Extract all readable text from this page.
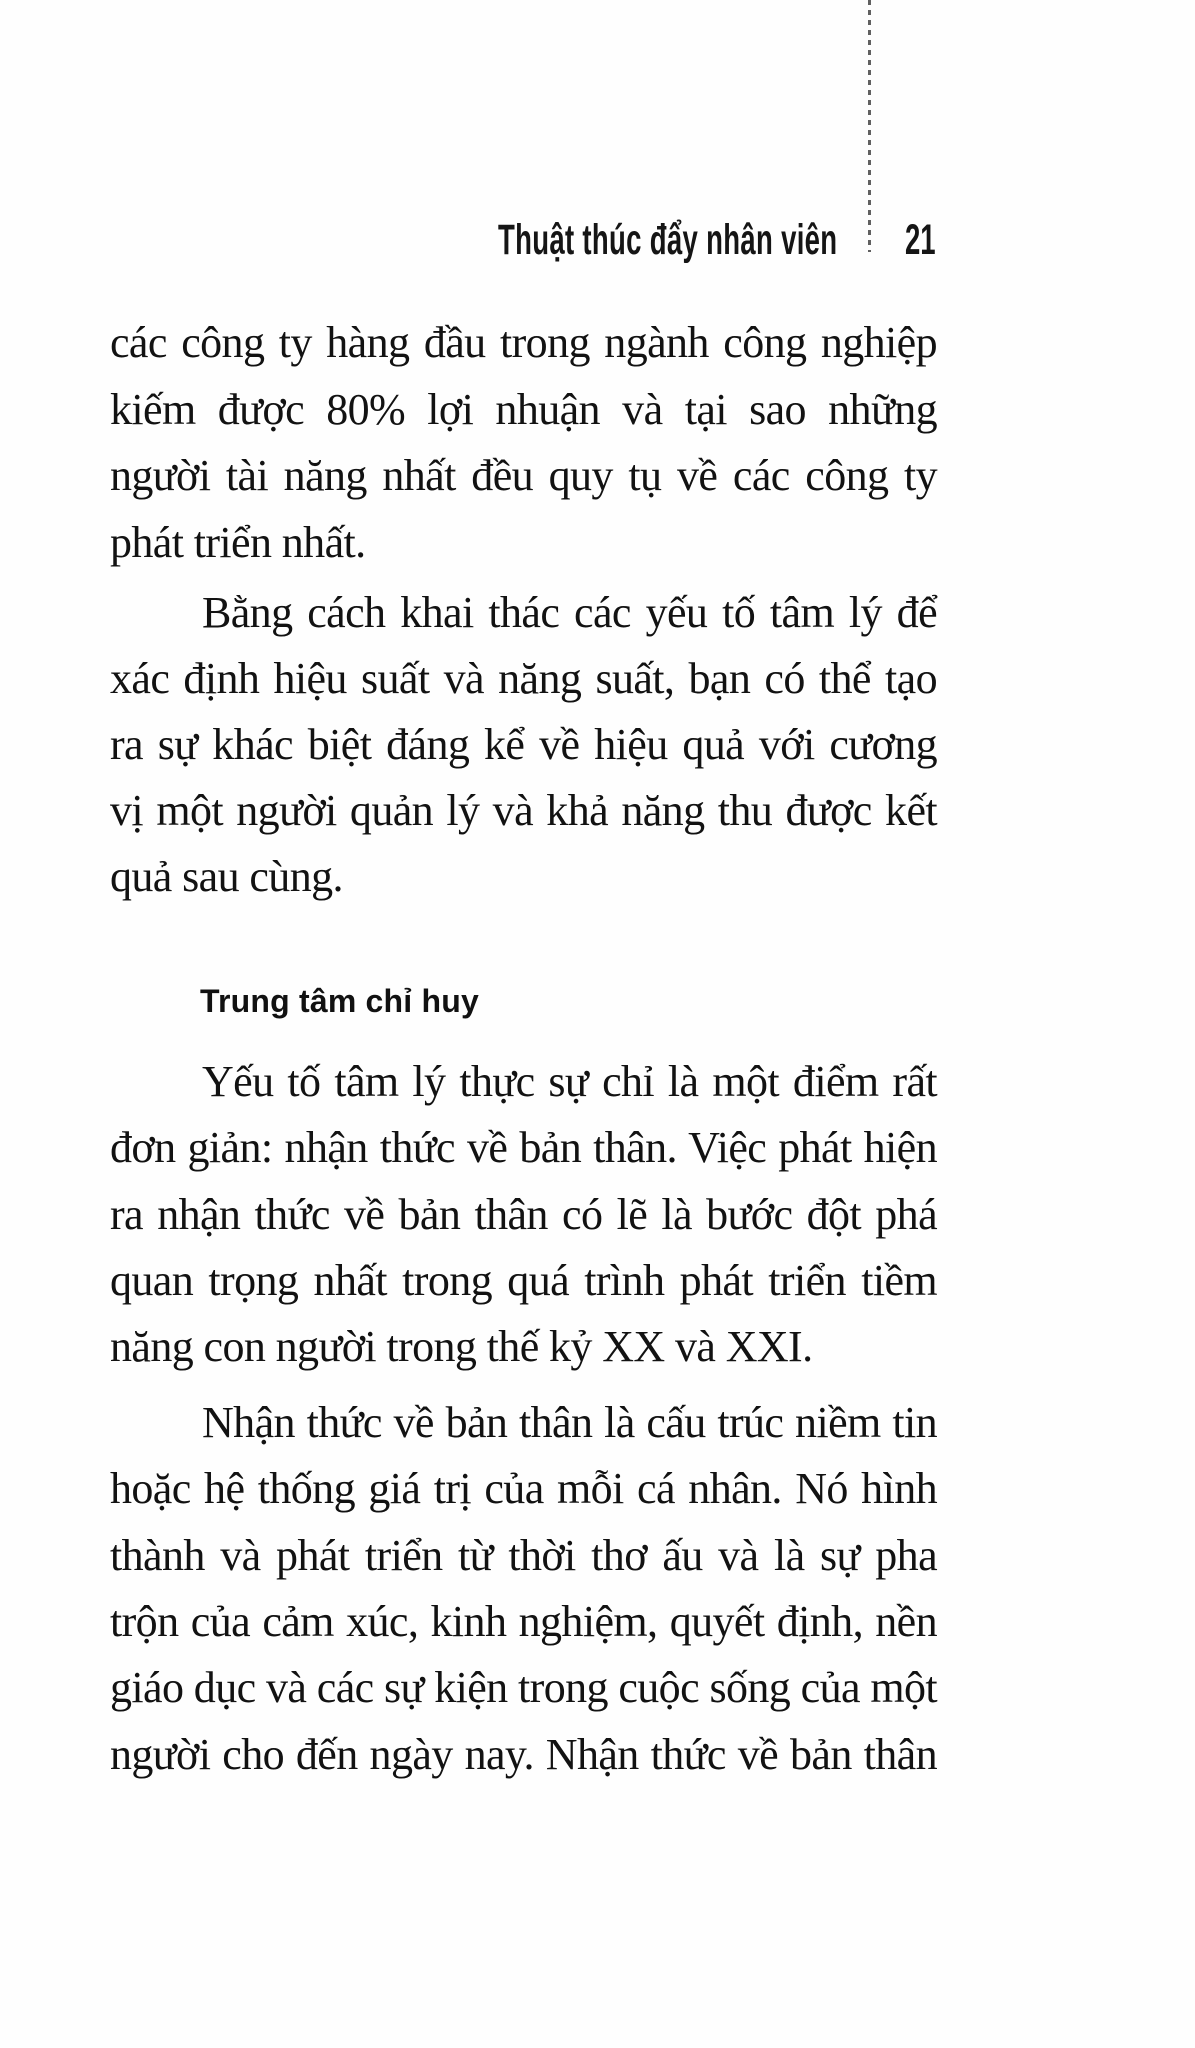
Thuật thúc đẩy nhân viên 21
các công ty hàng đầu trong ngành công nghiệp
kiếm được 80% lợi nhuận và tại sao những
người tài năng nhất đều quy tụ về các công ty
phát triển nhất.
Bằng cách khai thác các yếu tố tâm lý để
xác định hiệu suất và năng suất, bạn có thể tạo
ra sự khác biệt đáng kể về hiệu quả với cương
vị một người quản lý và khả năng thu được kết
quả sau cùng.
Trung tâm chỉ huy
Yếu tố tâm lý thực sự chỉ là một điểm rất
đơn giản: nhận thức về bản thân. Việc phát hiện
ra nhận thức về bản thân có lẽ là bước đột phá
quan trọng nhất trong quá trình phát triển tiềm
năng con người trong thế kỷ XX và XXI.
Nhận thức về bản thân là cấu trúc niềm tin
hoặc hệ thống giá trị của mỗi cá nhân. Nó hình
thành và phát triển từ thời thơ ấu và là sự pha
trộn của cảm xúc, kinh nghiệm, quyết định, nền
giáo dục và các sự kiện trong cuộc sống của một
người cho đến ngày nay. Nhận thức về bản thân
